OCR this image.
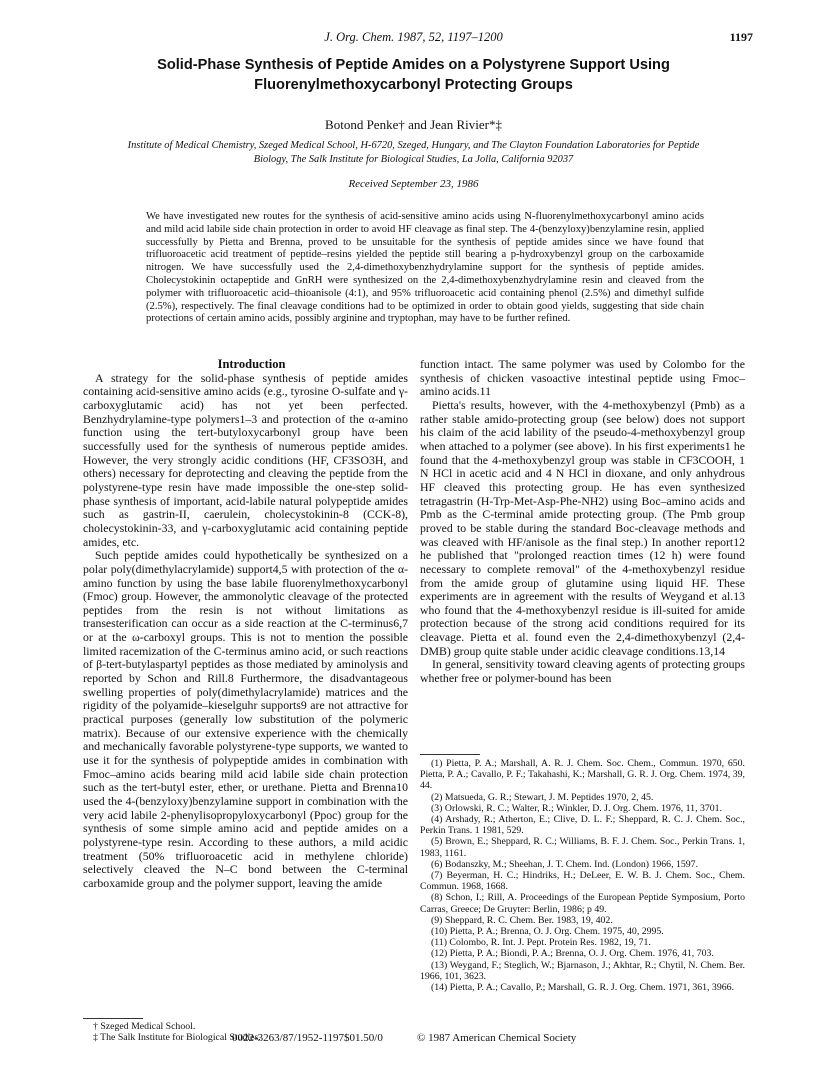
J. Org. Chem. 1987, 52, 1197–1200	1197
Solid-Phase Synthesis of Peptide Amides on a Polystyrene Support Using Fluorenylmethoxycarbonyl Protecting Groups
Botond Penke† and Jean Rivier*‡
Institute of Medical Chemistry, Szeged Medical School, H-6720, Szeged, Hungary, and The Clayton Foundation Laboratories for Peptide Biology, The Salk Institute for Biological Studies, La Jolla, California 92037
Received September 23, 1986
We have investigated new routes for the synthesis of acid-sensitive amino acids using N-fluorenylmethoxycarbonyl amino acids and mild acid labile side chain protection in order to avoid HF cleavage as final step. The 4-(benzyloxy)benzylamine resin, applied successfully by Pietta and Brenna, proved to be unsuitable for the synthesis of peptide amides since we have found that trifluoroacetic acid treatment of peptide–resins yielded the peptide still bearing a p-hydroxybenzyl group on the carboxamide nitrogen. We have successfully used the 2,4-dimethoxybenzhydrylamine support for the synthesis of peptide amides. Cholecystokinin octapeptide and GnRH were synthesized on the 2,4-dimethoxybenzhydrylamine resin and cleaved from the polymer with trifluoroacetic acid–thioanisole (4:1), and 95% trifluoroacetic acid containing phenol (2.5%) and dimethyl sulfide (2.5%), respectively. The final cleavage conditions had to be optimized in order to obtain good yields, suggesting that side chain protections of certain amino acids, possibly arginine and tryptophan, may have to be further refined.

Introduction

A strategy for the solid-phase synthesis of peptide amides containing acid-sensitive amino acids (e.g., tyrosine O-sulfate and γ-carboxyglutamic acid) has not yet been perfected. Benzhydrylamine-type polymers1–3 and protection of the α-amino function using the tert-butyloxycarbonyl group have been successfully used for the synthesis of numerous peptide amides. However, the very strongly acidic conditions (HF, CF3SO3H, and others) necessary for deprotecting and cleaving the peptide from the polystyrene-type resin have made impossible the one-step solid-phase synthesis of important, acid-labile natural polypeptide amides such as gastrin-II, caerulein, cholecystokinin-8 (CCK-8), cholecystokinin-33, and γ-carboxyglutamic acid containing peptide amides, etc.

Such peptide amides could hypothetically be synthesized on a polar poly(dimethylacrylamide) support4,5 with protection of the α-amino function by using the base labile fluorenylmethoxycarbonyl (Fmoc) group. However, the ammonolytic cleavage of the protected peptides from the resin is not without limitations as transesterification can occur as a side reaction at the C-terminus6,7 or at the ω-carboxyl groups. This is not to mention the possible limited racemization of the C-terminus amino acid, or such reactions of β-tert-butylaspartyl peptides as those mediated by aminolysis and reported by Schon and Rill.8 Furthermore, the disadvantageous swelling properties of poly(dimethylacrylamide) matrices and the rigidity of the polyamide–kieselguhr supports9 are not attractive for practical purposes (generally low substitution of the polymeric matrix). Because of our extensive experience with the chemically and mechanically favorable polystyrene-type supports, we wanted to use it for the synthesis of polypeptide amides in combination with Fmoc–amino acids bearing mild acid labile side chain protection such as the tert-butyl ester, ether, or urethane. Pietta and Brenna10 used the 4-(benzyloxy)benzylamine support in combination with the very acid labile 2-phenylisopropyloxycarbonyl (Ppoc) group for the synthesis of some simple amino acid and peptide amides on a polystyrene-type resin. According to these authors, a mild acidic treatment (50% trifluoroacetic acid in methylene chloride) selectively cleaved the N–C bond between the C-terminal carboxamide group and the polymer support, leaving the amide

function intact. The same polymer was used by Colombo for the synthesis of chicken vasoactive intestinal peptide using Fmoc–amino acids.11

Pietta's results, however, with the 4-methoxybenzyl (Pmb) as a rather stable amido-protecting group (see below) does not support his claim of the acid lability of the pseudo-4-methoxybenzyl group when attached to a polymer (see above). In his first experiments1 he found that the 4-methoxybenzyl group was stable in CF3COOH, 1 N HCl in acetic acid and 4 N HCl in dioxane, and only anhydrous HF cleaved this protecting group. He has even synthesized tetragastrin (H-Trp-Met-Asp-Phe-NH2) using Boc–amino acids and Pmb as the C-terminal amide protecting group. (The Pmb group proved to be stable during the standard Boc-cleavage methods and was cleaved with HF/anisole as the final step.) In another report12 he published that "prolonged reaction times (12 h) were found necessary to complete removal" of the 4-methoxybenzyl residue from the amide group of glutamine using liquid HF. These experiments are in agreement with the results of Weygand et al.13 who found that the 4-methoxybenzyl residue is ill-suited for amide protection because of the strong acid conditions required for its cleavage. Pietta et al. found even the 2,4-dimethoxybenzyl (2,4-DMB) group quite stable under acidic cleavage conditions.13,14

In general, sensitivity toward cleaving agents of protecting groups whether free or polymer-bound has been

(1) Pietta, P. A.; Marshall, A. R. J. Chem. Soc. Chem., Commun. 1970, 650. Pietta, P. A.; Cavallo, P. F.; Takahashi, K.; Marshall, G. R. J. Org. Chem. 1974, 39, 44.
(2) Matsueda, G. R.; Stewart, J. M. Peptides 1970, 2, 45.
(3) Orlowski, R. C.; Walter, R.; Winkler, D. J. Org. Chem. 1976, 11, 3701.
(4) Arshady, R.; Atherton, E.; Clive, D. L. F.; Sheppard, R. C. J. Chem. Soc., Perkin Trans. 1 1981, 529.
(5) Brown, E.; Sheppard, R. C.; Williams, B. F. J. Chem. Soc., Perkin Trans. 1, 1983, 1161.
(6) Bodanszky, M.; Sheehan, J. T. Chem. Ind. (London) 1966, 1597.
(7) Beyerman, H. C.; Hindriks, H.; DeLeer, E. W. B. J. Chem. Soc., Chem. Commun. 1968, 1668.
(8) Schon, I.; Rill, A. Proceedings of the European Peptide Symposium, Porto Carras, Greece; De Gruyter: Berlin, 1986; p 49.
(9) Sheppard, R. C. Chem. Ber. 1983, 19, 402.
(10) Pietta, P. A.; Brenna, O. J. Org. Chem. 1975, 40, 2995.
(11) Colombo, R. Int. J. Pept. Protein Res. 1982, 19, 71.
(12) Pietta, P. A.; Biondi, P. A.; Brenna, O. J. Org. Chem. 1976, 41, 703.
(13) Weygand, F.; Steglich, W.; Bjarnason, J.; Akhtar, R.; Chytil, N. Chem. Ber. 1966, 101, 3623.
(14) Pietta, P. A.; Cavallo, P.; Marshall, G. R. J. Org. Chem. 1971, 361, 3966.
† Szeged Medical School.
‡ The Salk Institute for Biological Studies.
0022-3263/87/1952-1197$01.50/0	© 1987 American Chemical Society
